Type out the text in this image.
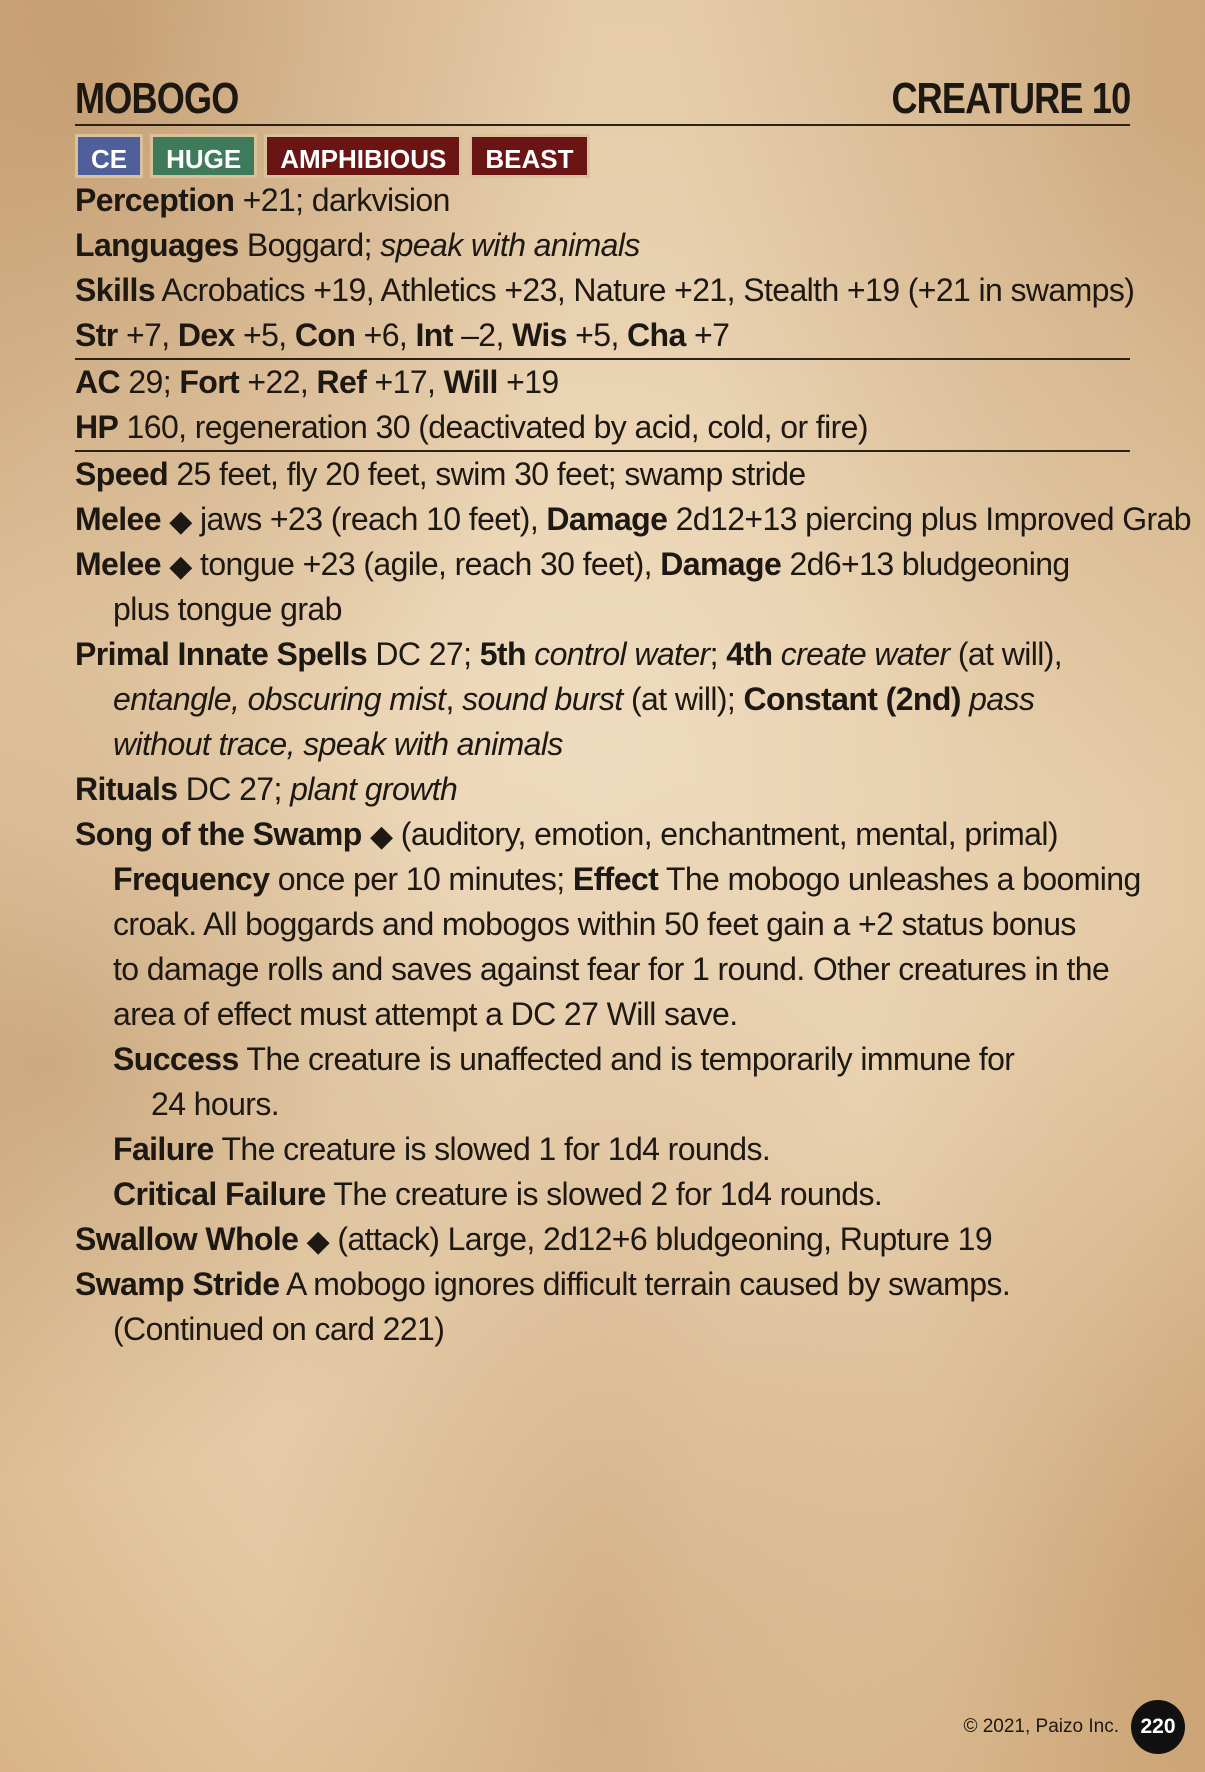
MOBOGO	CREATURE 10
CE	HUGE	AMPHIBIOUS	BEAST
Perception +21; darkvision
Languages Boggard; speak with animals
Skills Acrobatics +19, Athletics +23, Nature +21, Stealth +19 (+21 in swamps)
Str +7, Dex +5, Con +6, Int –2, Wis +5, Cha +7
AC 29; Fort +22, Ref +17, Will +19
HP 160, regeneration 30 (deactivated by acid, cold, or fire)
Speed 25 feet, fly 20 feet, swim 30 feet; swamp stride
Melee ◆ jaws +23 (reach 10 feet), Damage 2d12+13 piercing plus Improved Grab
Melee ◆ tongue +23 (agile, reach 30 feet), Damage 2d6+13 bludgeoning
plus tongue grab
Primal Innate Spells DC 27; 5th control water; 4th create water (at will),
entangle, obscuring mist, sound burst (at will); Constant (2nd) pass
without trace, speak with animals
Rituals DC 27; plant growth
Song of the Swamp ◆ (auditory, emotion, enchantment, mental, primal)
Frequency once per 10 minutes; Effect The mobogo unleashes a booming
croak. All boggards and mobogos within 50 feet gain a +2 status bonus
to damage rolls and saves against fear for 1 round. Other creatures in the
area of effect must attempt a DC 27 Will save.
Success The creature is unaffected and is temporarily immune for
24 hours.
Failure The creature is slowed 1 for 1d4 rounds.
Critical Failure The creature is slowed 2 for 1d4 rounds.
Swallow Whole ◆ (attack) Large, 2d12+6 bludgeoning, Rupture 19
Swamp Stride A mobogo ignores difficult terrain caused by swamps.
(Continued on card 221)
© 2021, Paizo Inc.	220
